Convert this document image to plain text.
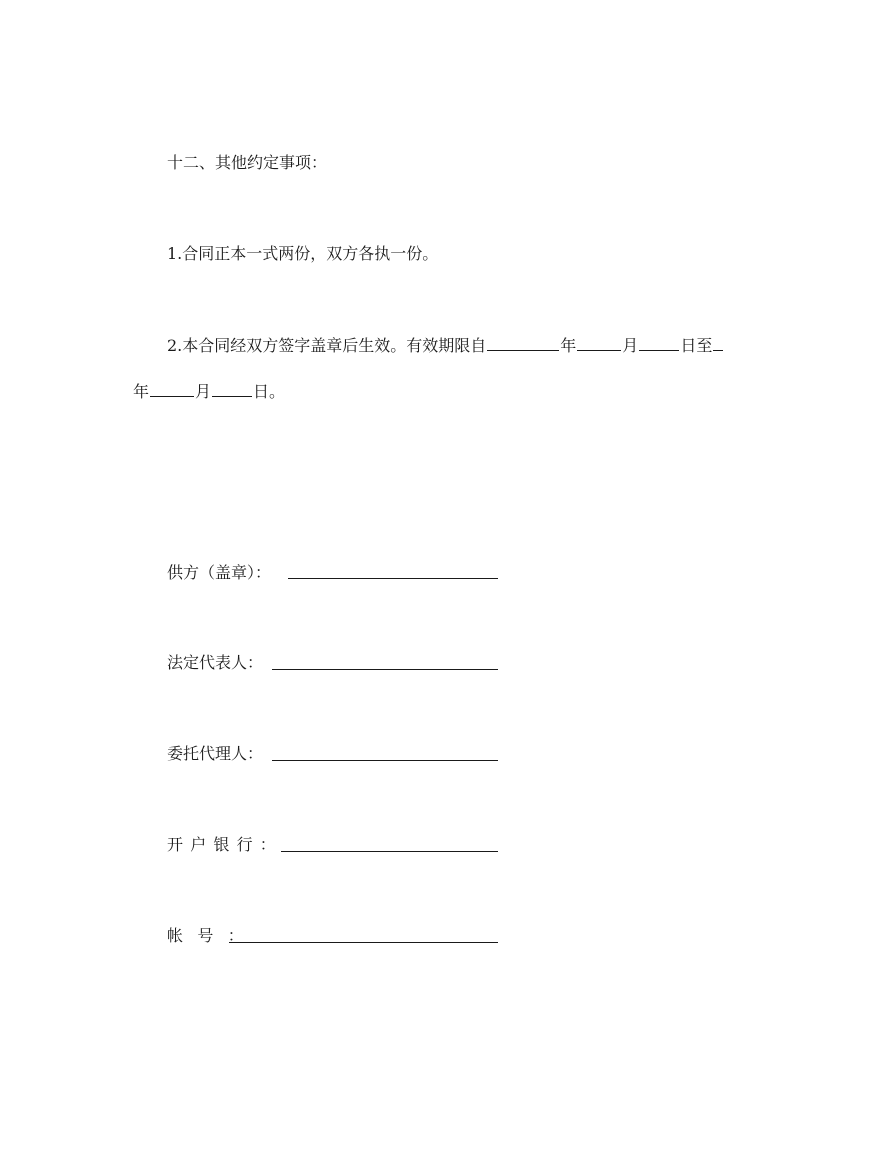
十二、其他约定事项：
1.合同正本一式两份，双方各执一份。
2.本合同经双方签字盖章后生效。有效期限自	年	月	日至
年	月	日。
供方（盖章）：
法定代表人：
委托代理人：
开户银行：
帐号：
